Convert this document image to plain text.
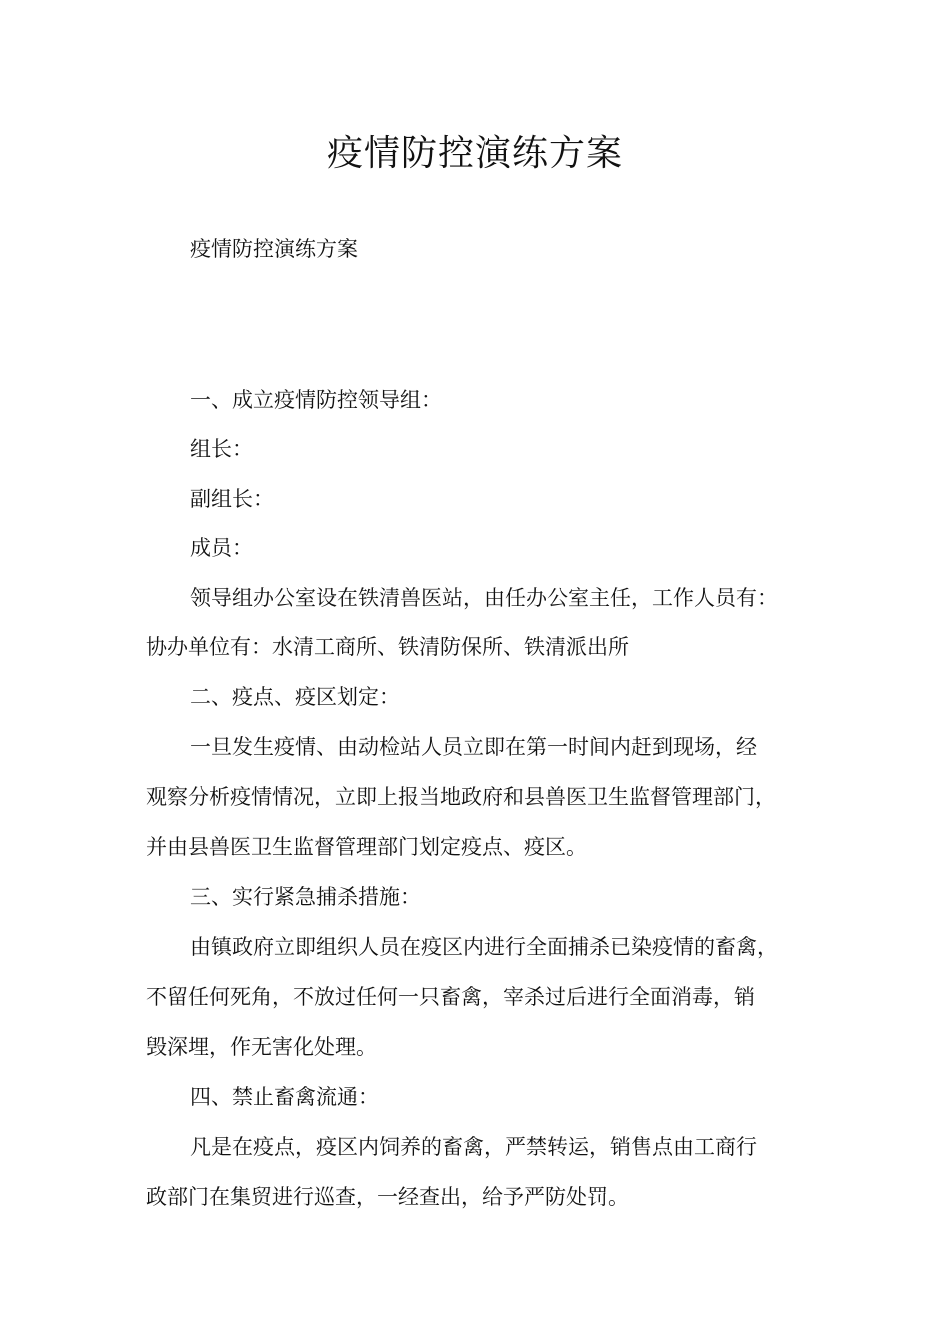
疫情防控演练方案

疫情防控演练方案

一、成立疫情防控领导组：

组长：

副组长：

成员：

领导组办公室设在铁清兽医站，由任办公室主任，工作人员有：

协办单位有：水清工商所、铁清防保所、铁清派出所

二、疫点、疫区划定：

一旦发生疫情、由动检站人员立即在第一时间内赶到现场，经

观察分析疫情情况，立即上报当地政府和县兽医卫生监督管理部门，

并由县兽医卫生监督管理部门划定疫点、疫区。

三、实行紧急捕杀措施：

由镇政府立即组织人员在疫区内进行全面捕杀已染疫情的畜禽，

不留任何死角，不放过任何一只畜禽，宰杀过后进行全面消毒，销

毁深埋，作无害化处理。

四、禁止畜禽流通：

凡是在疫点，疫区内饲养的畜禽，严禁转运，销售点由工商行

政部门在集贸进行巡查，一经查出，给予严防处罚。
